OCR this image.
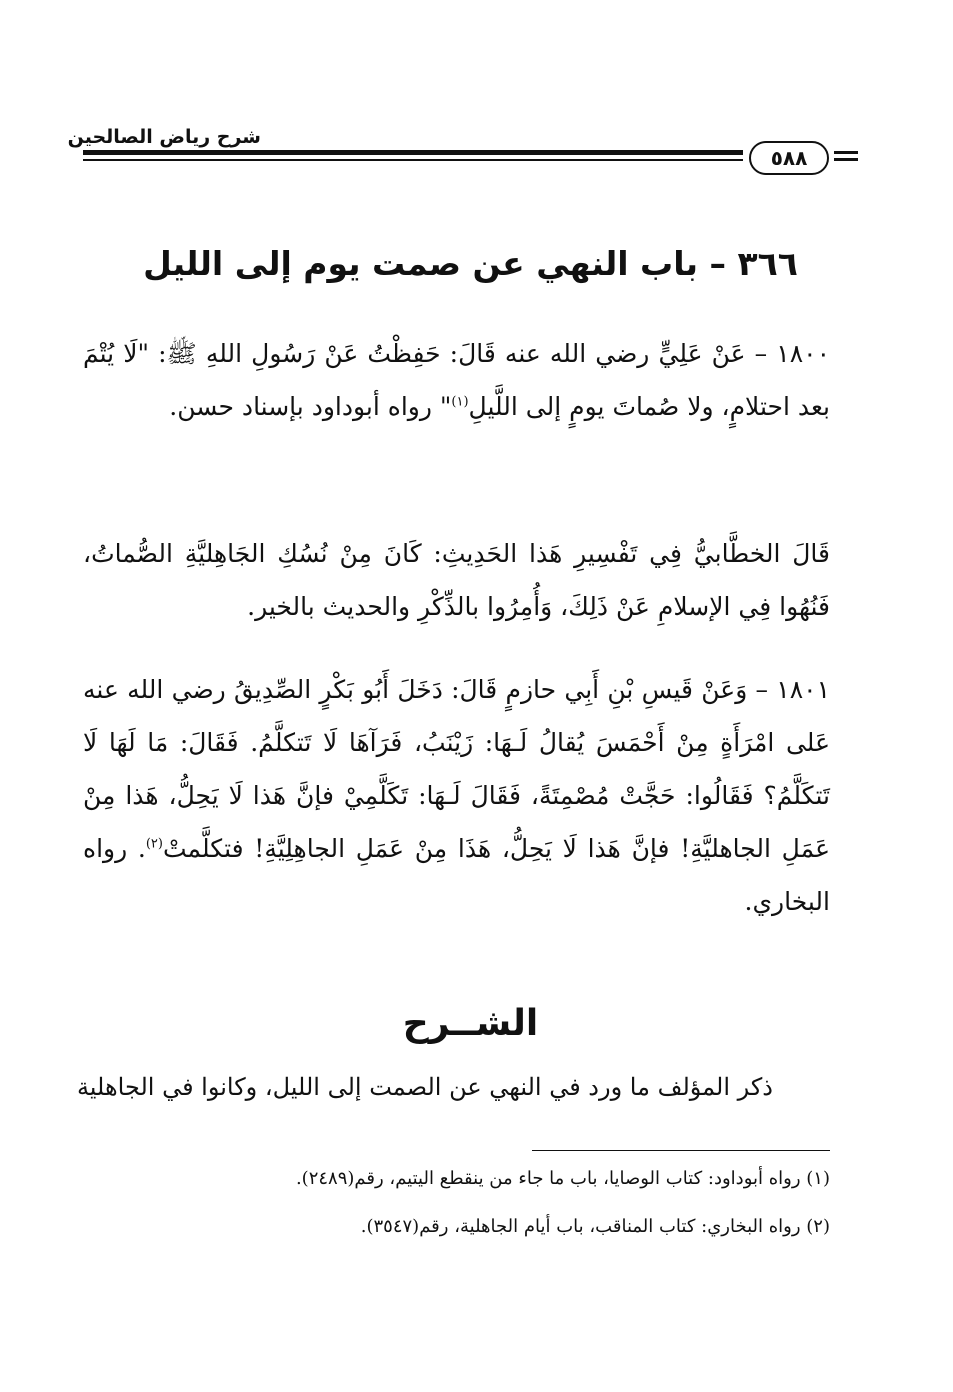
شرح رياض الصالحين
٥٨٨
٣٦٦ – باب النهي عن صمت يوم إلى الليل
١٨٠٠ – عَنْ عَلِيٍّ رضي الله عنه قَالَ: حَفِظْتُ عَنْ رَسُولِ اللهِ ﷺ: "لَا يُتْمَ بعد احتلامٍ، ولا صُماتَ يومٍ إلى اللَّيلِ$^{(١)}$" رواه أبوداود بإسناد حسن.
قَالَ الخطَّابيُّ فِي تَفْسِيرِ هَذا الحَدِيثِ: كَانَ مِنْ نُسُكِ الجَاهِليَّةِ الصُّماتُ، فَنُهُوا فِي الإسلامِ عَنْ ذَلِكَ، وَأُمِرُوا بالذِّكْرِ والحديث بالخير.
١٨٠١ – وَعَنْ قَيسِ بْنِ أَبِي حازمٍ قَالَ: دَخَلَ أَبُو بَكْرٍ الصِّدِيقُ رضي الله عنه عَلى امْرَأَةٍ مِنْ أَحْمَسَ يُقالُ لَـهَا: زَيْنَبُ، فَرَآهَا لَا تَتكلَّمُ. فَقَالَ: مَا لَهَا لَا تَتكَلَّمُ؟ فَقَالُوا: حَجَّتْ مُصْمِتَةً، فَقَالَ لَـهَا: تَكَلَّمِيْ فإنَّ هَذا لَا يَحِلُّ، هَذا مِنْ عَمَلِ الجاهليَّةِ! فإنَّ هَذا لَا يَحِلُّ، هَذَا مِنْ عَمَلِ الجاهِلِيَّةِ! فتكلَّمتْ$^{(٢)}$. رواه البخاري.
الشــرح
ذكر المؤلف ما ورد في النهي عن الصمت إلى الليل، وكانوا في الجاهلية
(١) رواه أبوداود: كتاب الوصايا، باب ما جاء من ينقطع اليتيم، رقم(٢٤٨٩).
(٢) رواه البخاري: كتاب المناقب، باب أيام الجاهلية، رقم(٣٥٤٧).
